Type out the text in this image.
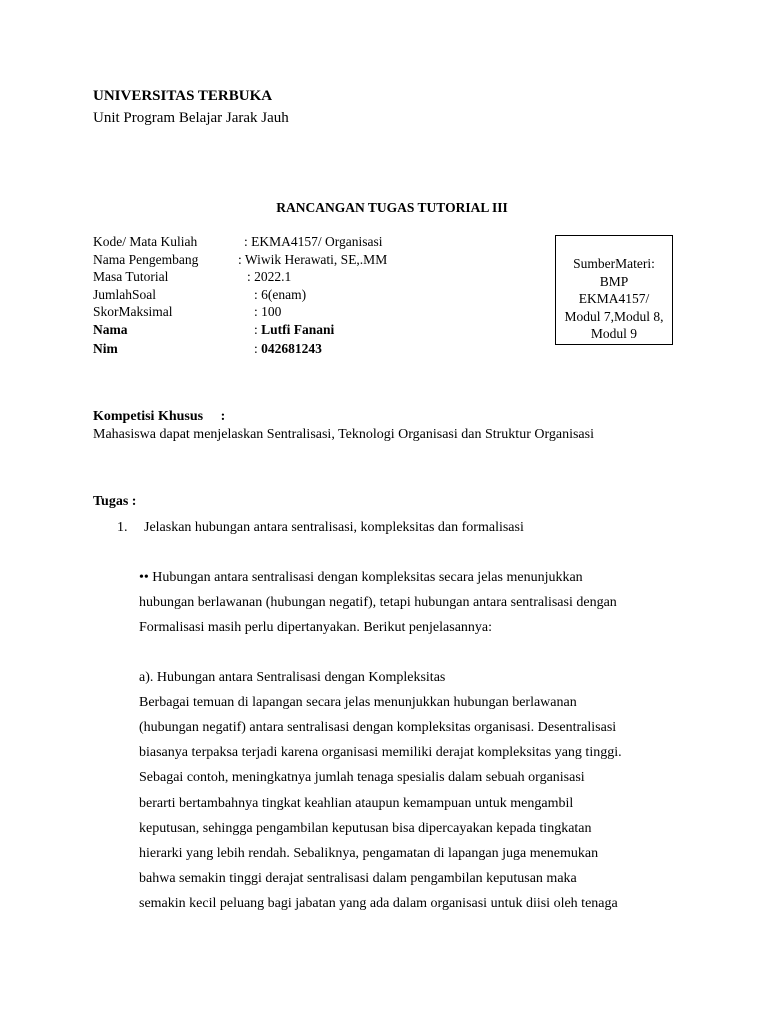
UNIVERSITAS TERBUKA
Unit Program Belajar Jarak Jauh
RANCANGAN TUGAS TUTORIAL III
Kode/ Mata Kuliah	: EKMA4157/ Organisasi
Nama Pengembang	: Wiwik Herawati, SE,.MM
Masa Tutorial	: 2022.1
JumlahSoal	: 6(enam)
SkorMaksimal	: 100
Nama	: Lutfi Fanani
Nim	: 042681243
SumberMateri:
BMP
EKMA4157/
Modul 7,Modul 8,
Modul 9
Kompetisi Khusus     :
Mahasiswa dapat menjelaskan Sentralisasi, Teknologi Organisasi dan Struktur Organisasi
Tugas :
1. Jelaskan hubungan antara sentralisasi, kompleksitas dan formalisasi
•• Hubungan antara sentralisasi dengan kompleksitas secara jelas menunjukkan
hubungan berlawanan (hubungan negatif), tetapi hubungan antara sentralisasi dengan
Formalisasi masih perlu dipertanyakan. Berikut penjelasannya:
a). Hubungan antara Sentralisasi dengan Kompleksitas
Berbagai temuan di lapangan secara jelas menunjukkan hubungan berlawanan
(hubungan negatif) antara sentralisasi dengan kompleksitas organisasi. Desentralisasi
biasanya terpaksa terjadi karena organisasi memiliki derajat kompleksitas yang tinggi.
Sebagai contoh, meningkatnya jumlah tenaga spesialis dalam sebuah organisasi
berarti bertambahnya tingkat keahlian ataupun kemampuan untuk mengambil
keputusan, sehingga pengambilan keputusan bisa dipercayakan kepada tingkatan
hierarki yang lebih rendah. Sebaliknya, pengamatan di lapangan juga menemukan
bahwa semakin tinggi derajat sentralisasi dalam pengambilan keputusan maka
semakin kecil peluang bagi jabatan yang ada dalam organisasi untuk diisi oleh tenaga
